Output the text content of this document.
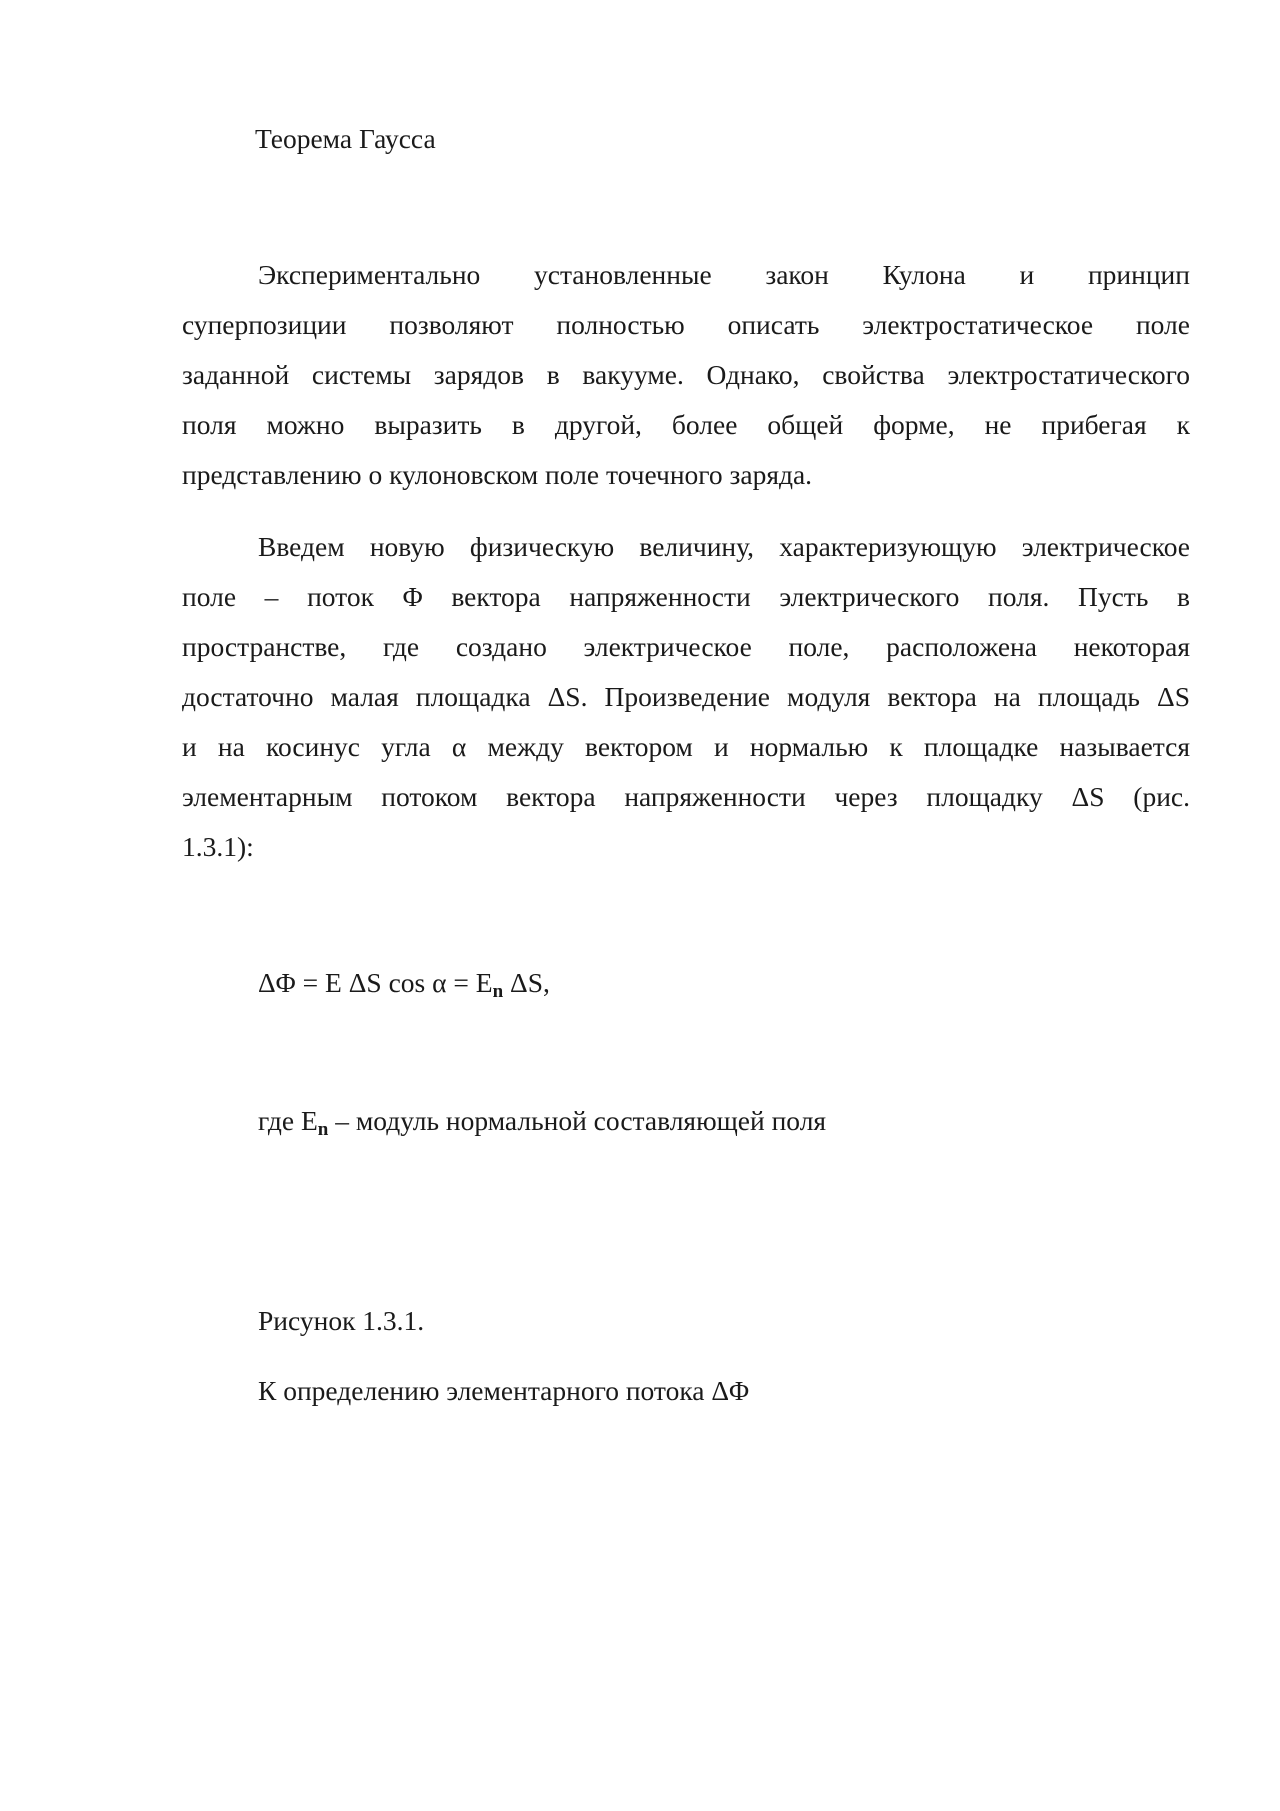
Теорема Гаусса
Экспериментально установленные закон Кулона и принцип
суперпозиции позволяют полностью описать электростатическое поле
заданной системы зарядов в вакууме. Однако, свойства электростатического
поля можно выразить в другой, более общей форме, не прибегая к
представлению о кулоновском поле точечного заряда.
Введем новую физическую величину, характеризующую электрическое
поле – поток Φ вектора напряженности электрического поля. Пусть в
пространстве, где создано электрическое поле, расположена некоторая
достаточно малая площадка ΔS. Произведение модуля вектора на площадь ΔS
и на косинус угла α между вектором и нормалью к площадке называется
элементарным потоком вектора напряженности через площадку ΔS (рис.
1.3.1):
ΔΦ = E ΔS $\cos \alpha = E_n$ ΔS,
где $E_n$ – модуль нормальной составляющей поля
Рисунок 1.3.1.
К определению элементарного потока ΔΦ
